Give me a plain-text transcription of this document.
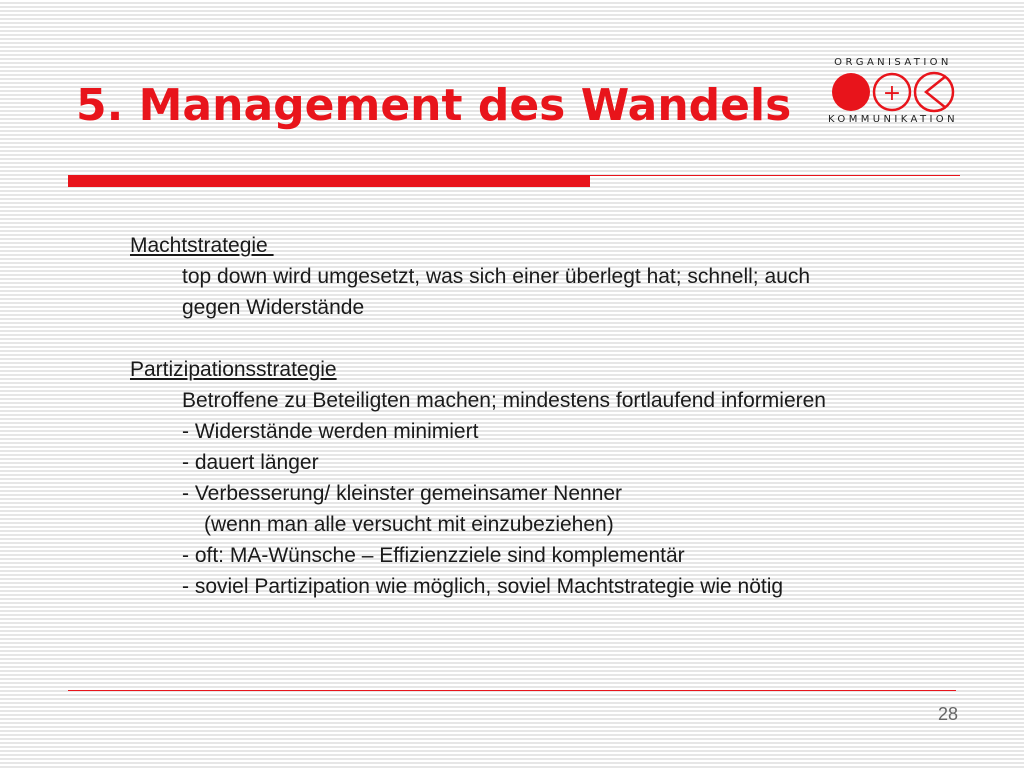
5. Management des Wandels
ORGANISATION
+
KOMMUNIKATION
Machtstrategie
top down wird umgesetzt, was sich einer überlegt hat; schnell; auch
gegen Widerstände
Partizipationsstrategie
Betroffene zu Beteiligten machen; mindestens fortlaufend informieren
- Widerstände werden minimiert
- dauert länger
- Verbesserung/ kleinster gemeinsamer Nenner
(wenn man alle versucht mit einzubeziehen)
- oft: MA-Wünsche – Effizienzziele sind komplementär
- soviel Partizipation wie möglich, soviel Machtstrategie wie nötig
28
